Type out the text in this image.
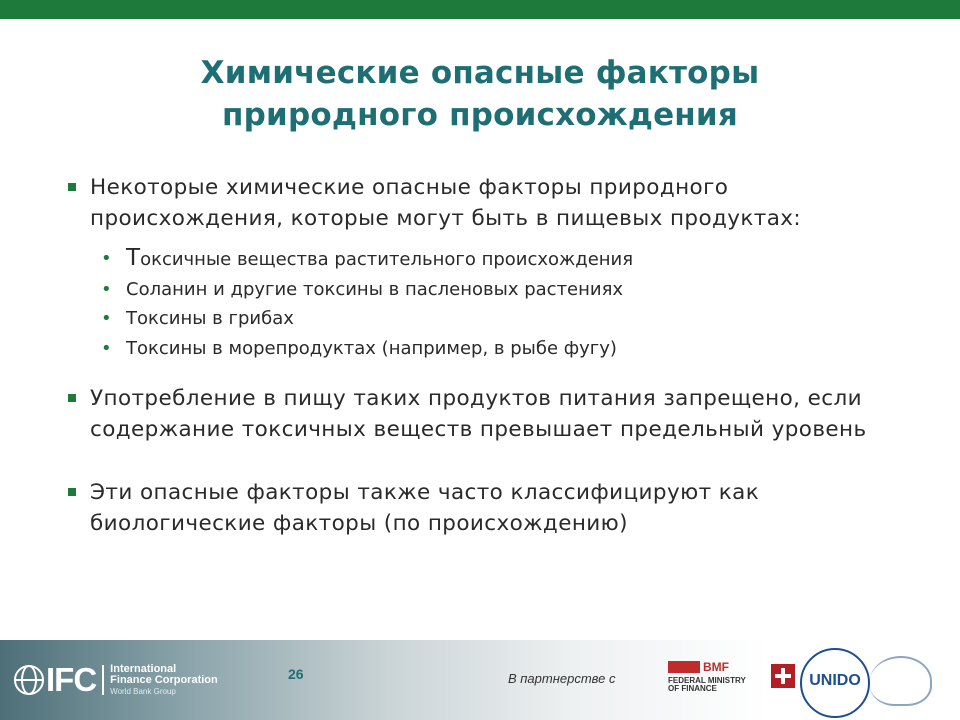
Химические опасные факторы
природного происхождения
Некоторые химические опасные факторы природного происхождения, которые могут быть в пищевых продуктах:
• Токсичные вещества растительного происхождения
• Соланин и другие токсины в пасленовых растениях
• Токсины в грибах
• Токсины в морепродуктах (например, в рыбе фугу)
Употребление в пищу таких продуктов питания запрещено, если содержание токсичных веществ превышает предельный уровень
Эти опасные факторы также часто классифицируют как биологические факторы (по происхождению)
IFC International
Finance Corporation
World Bank Group
26	В партнерстве с
BMF
FEDERAL MINISTRY
OF FINANCE	UNIDO
